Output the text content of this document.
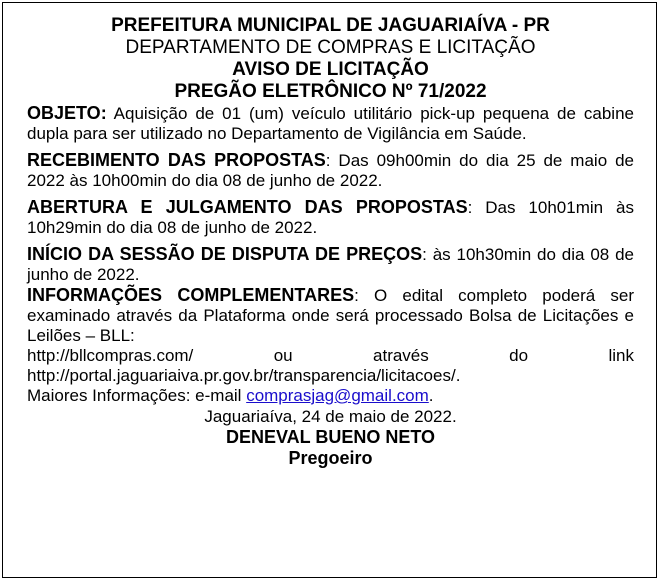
PREFEITURA MUNICIPAL DE JAGUARIAÍVA - PR
DEPARTAMENTO DE COMPRAS E LICITAÇÃO
AVISO DE LICITAÇÃO
PREGÃO ELETRÔNICO Nº 71/2022
OBJETO: Aquisição de 01 (um) veículo utilitário pick-up pequena de cabine dupla para ser utilizado no Departamento de Vigilância em Saúde.
RECEBIMENTO DAS PROPOSTAS: Das 09h00min do dia 25 de maio de 2022 às 10h00min do dia 08 de junho de 2022.
ABERTURA E JULGAMENTO DAS PROPOSTAS: Das 10h01min às 10h29min do dia 08 de junho de 2022.
INÍCIO DA SESSÃO DE DISPUTA DE PREÇOS: às 10h30min do dia 08 de junho de 2022.
INFORMAÇÕES COMPLEMENTARES: O edital completo poderá ser examinado através da Plataforma onde será processado Bolsa de Licitações e Leilões – BLL:
http://bllcompras.com/ ou através do link
http://portal.jaguariaiva.pr.gov.br/transparencia/licitacoes/.
Maiores Informações: e-mail comprasjag@gmail.com.
Jaguariaíva, 24 de maio de 2022.
DENEVAL BUENO NETO
Pregoeiro
